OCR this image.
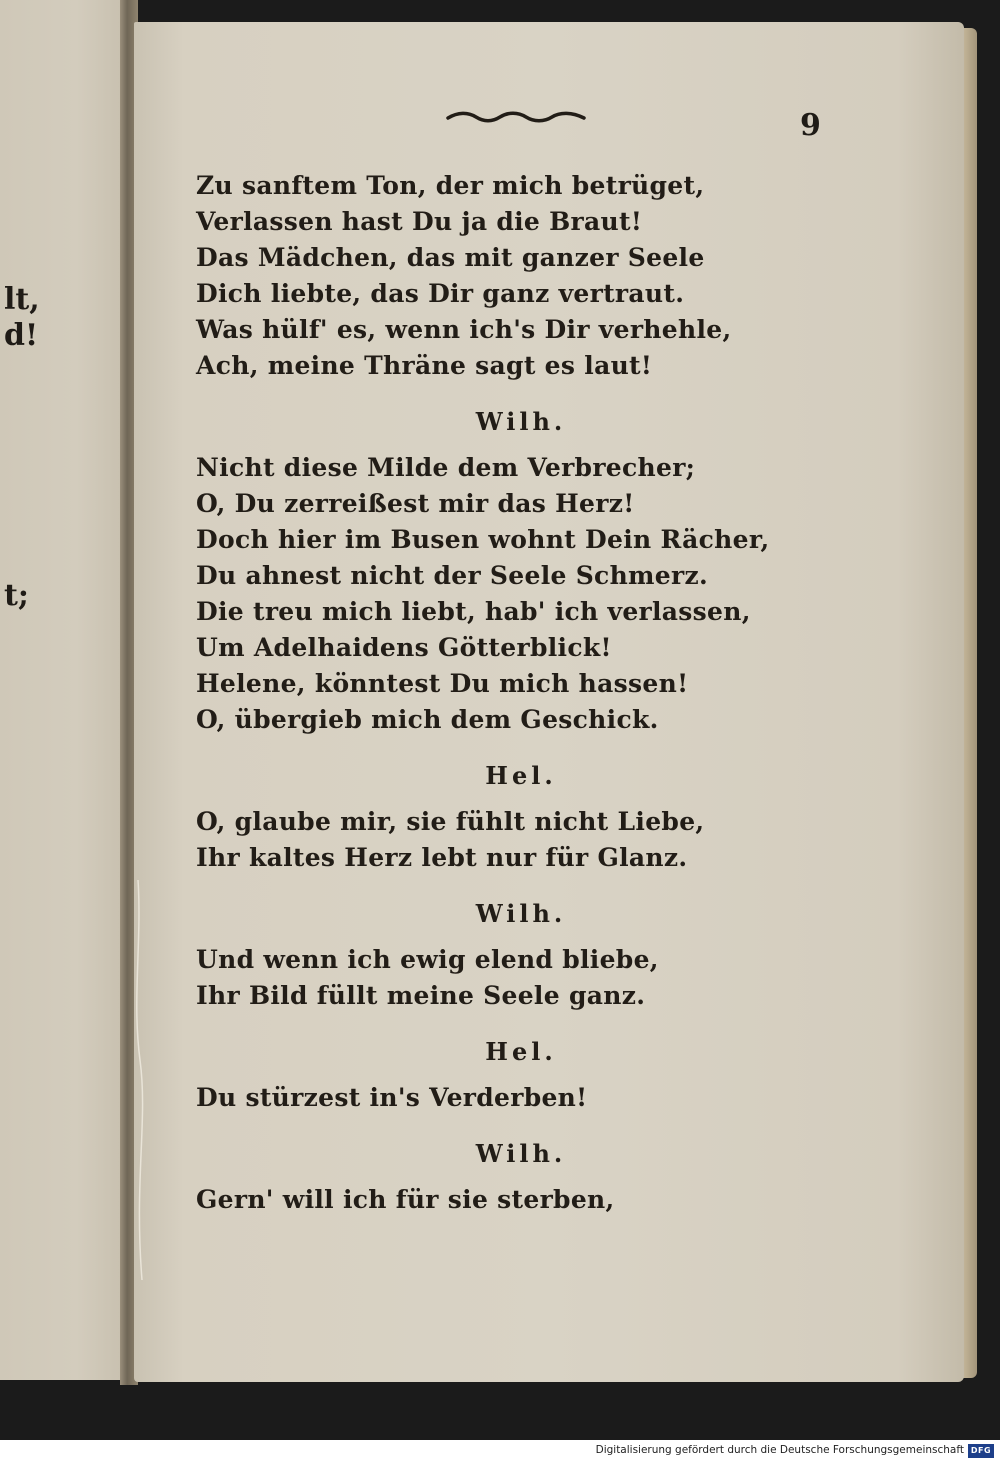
lt,
d!
t;
9
Zu sanftem Ton, der mich betrüget,
Verlassen hast Du ja die Braut!
Das Mädchen, das mit ganzer Seele
Dich liebte, das Dir ganz vertraut.
Was hülf' es, wenn ich's Dir verhehle,
Ach, meine Thräne sagt es laut!
Wilh.
Nicht diese Milde dem Verbrecher;
O, Du zerreißest mir das Herz!
Doch hier im Busen wohnt Dein Rächer,
Du ahnest nicht der Seele Schmerz.
Die treu mich liebt, hab' ich verlassen,
Um Adelhaidens Götterblick!
Helene, könntest Du mich hassen!
O, übergieb mich dem Geschick.
Hel.
O, glaube mir, sie fühlt nicht Liebe,
Ihr kaltes Herz lebt nur für Glanz.
Wilh.
Und wenn ich ewig elend bliebe,
Ihr Bild füllt meine Seele ganz.
Hel.
Du stürzest in's Verderben!
Wilh.
Gern' will ich für sie sterben,
Digitalisierung gefördert durch die Deutsche Forschungsgemeinschaft DFG
